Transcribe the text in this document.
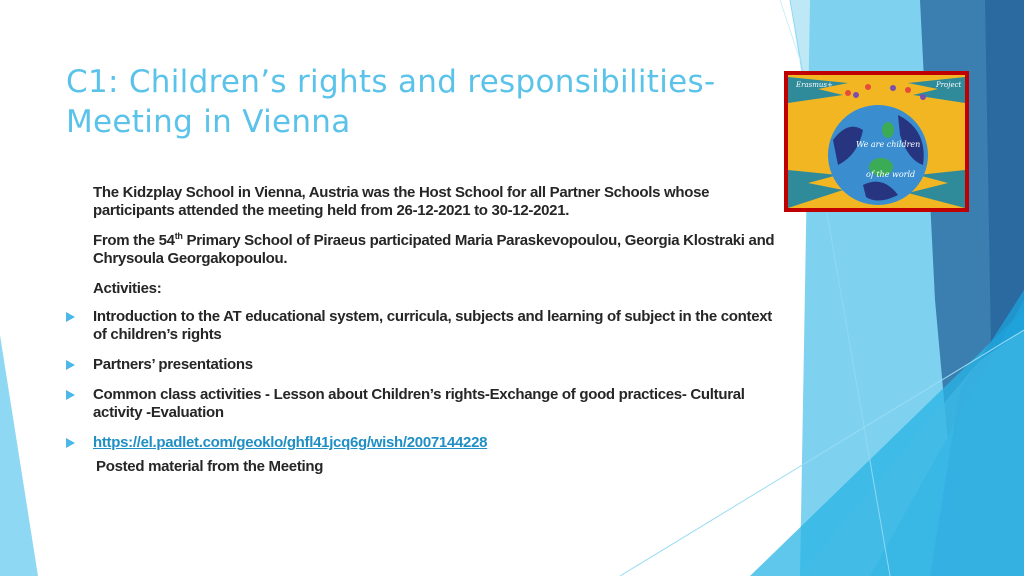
C1: Children’s rights and responsibilities-Meeting in Vienna
Erasmus+	Project
We are children
of the world
The Kidzplay School in Vienna, Austria was the Host School for all Partner Schools whose participants attended the meeting held from 26-12-2021 to 30-12-2021.
From the 54th Primary School of Piraeus participated Maria Paraskevopoulou, Georgia Klostraki and Chrysoula Georgakopoulou.
Activities:
Introduction to the AT educational system, curricula, subjects and learning of subject in the context of children’s rights
Partners’ presentations
Common class activities - Lesson about Children’s rights-Exchange of good practices- Cultural activity -Evaluation
https://el.padlet.com/geoklo/ghfl41jcq6g/wish/2007144228
Posted material from the Meeting
